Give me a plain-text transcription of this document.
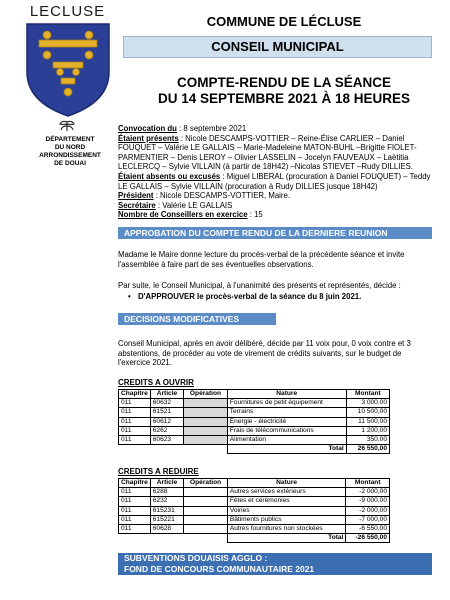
LECLUSE
DÉPARTEMENT
DU NORD
ARRONDISSEMENT
DE DOUAI
COMMUNE DE LÉCLUSE
CONSEIL MUNICIPAL
COMPTE-RENDU DE LA SÉANCE
DU 14 SEPTEMBRE 2021 À 18 HEURES
Convocation du : 8 septembre 2021
Étaient présents : Nicole DESCAMPS-VOTTIER – Reine-Élise CARLIER – Daniel FOUQUET – Valérie LE GALLAIS – Marie-Madeleine MATON-BUHL –Brigitte FIOLET-PARMENTIER – Denis LEROY – Olivier LASSELIN – Jocelyn FAUVEAUX – Laëtitia LECLERCQ – Sylvie VILLAIN (à partir de 18H42) –Nicolas STIEVET –Rudy DILLIES.
Étaient absents ou excusés : Miguel LIBERAL (procuration à Daniel FOUQUET) – Teddy LE GALLAIS – Sylvie VILLAIN (procuration à Rudy DILLIES jusque 18H42)
Président : Nicole DESCAMPS-VOTTIER, Maire.
Secrétaire : Valérie LE GALLAIS
Nombre de Conseillers en exercice : 15
APPROBATION DU COMPTE RENDU DE LA DERNIERE REUNION
Madame le Maire donne lecture du procès-verbal de la précédente séance et invite l'assemblée à faire part de ses éventuelles observations.
Par suite, le Conseil Municipal, à l'unanimité des présents et représentés, décide :
• D'APPROUVER le procès-verbal de la séance du 8 juin 2021.
DECISIONS MODIFICATIVES
Conseil Municipal, après en avoir délibéré, décide par 11 voix pour, 0 voix contre et 3 abstentions, de procéder au vote de virement de crédits suivants, sur le budget de l'exercice 2021.
CREDITS A OUVRIR
Chapitre	Article	Opération	Nature	Montant
011	60632		Fournitures de petit équipement	3 000,00
011	61521		Terrains	10 500,00
011	60612		Énergie - électricité	11 500,00
011	6262		Frais de télécommunications	1 200,00
011	60623		Alimentation	350,00
			Total	26 550,00
CREDITS A REDUIRE
Chapitre	Article	Opération	Nature	Montant
011	6288		Autres services extérieurs	-2 000,00
011	6232		Fêtes et cérémonies	-9 000,00
011	615231		Voiries	-2 000,00
011	615221		Bâtiments publics	-7 000,00
011	60628		Autres fournitures non stockées	-6 550,00
			Total	-26 550,00
SUBVENTIONS DOUAISIS AGGLO :
FOND DE CONCOURS COMMUNAUTAIRE 2021
